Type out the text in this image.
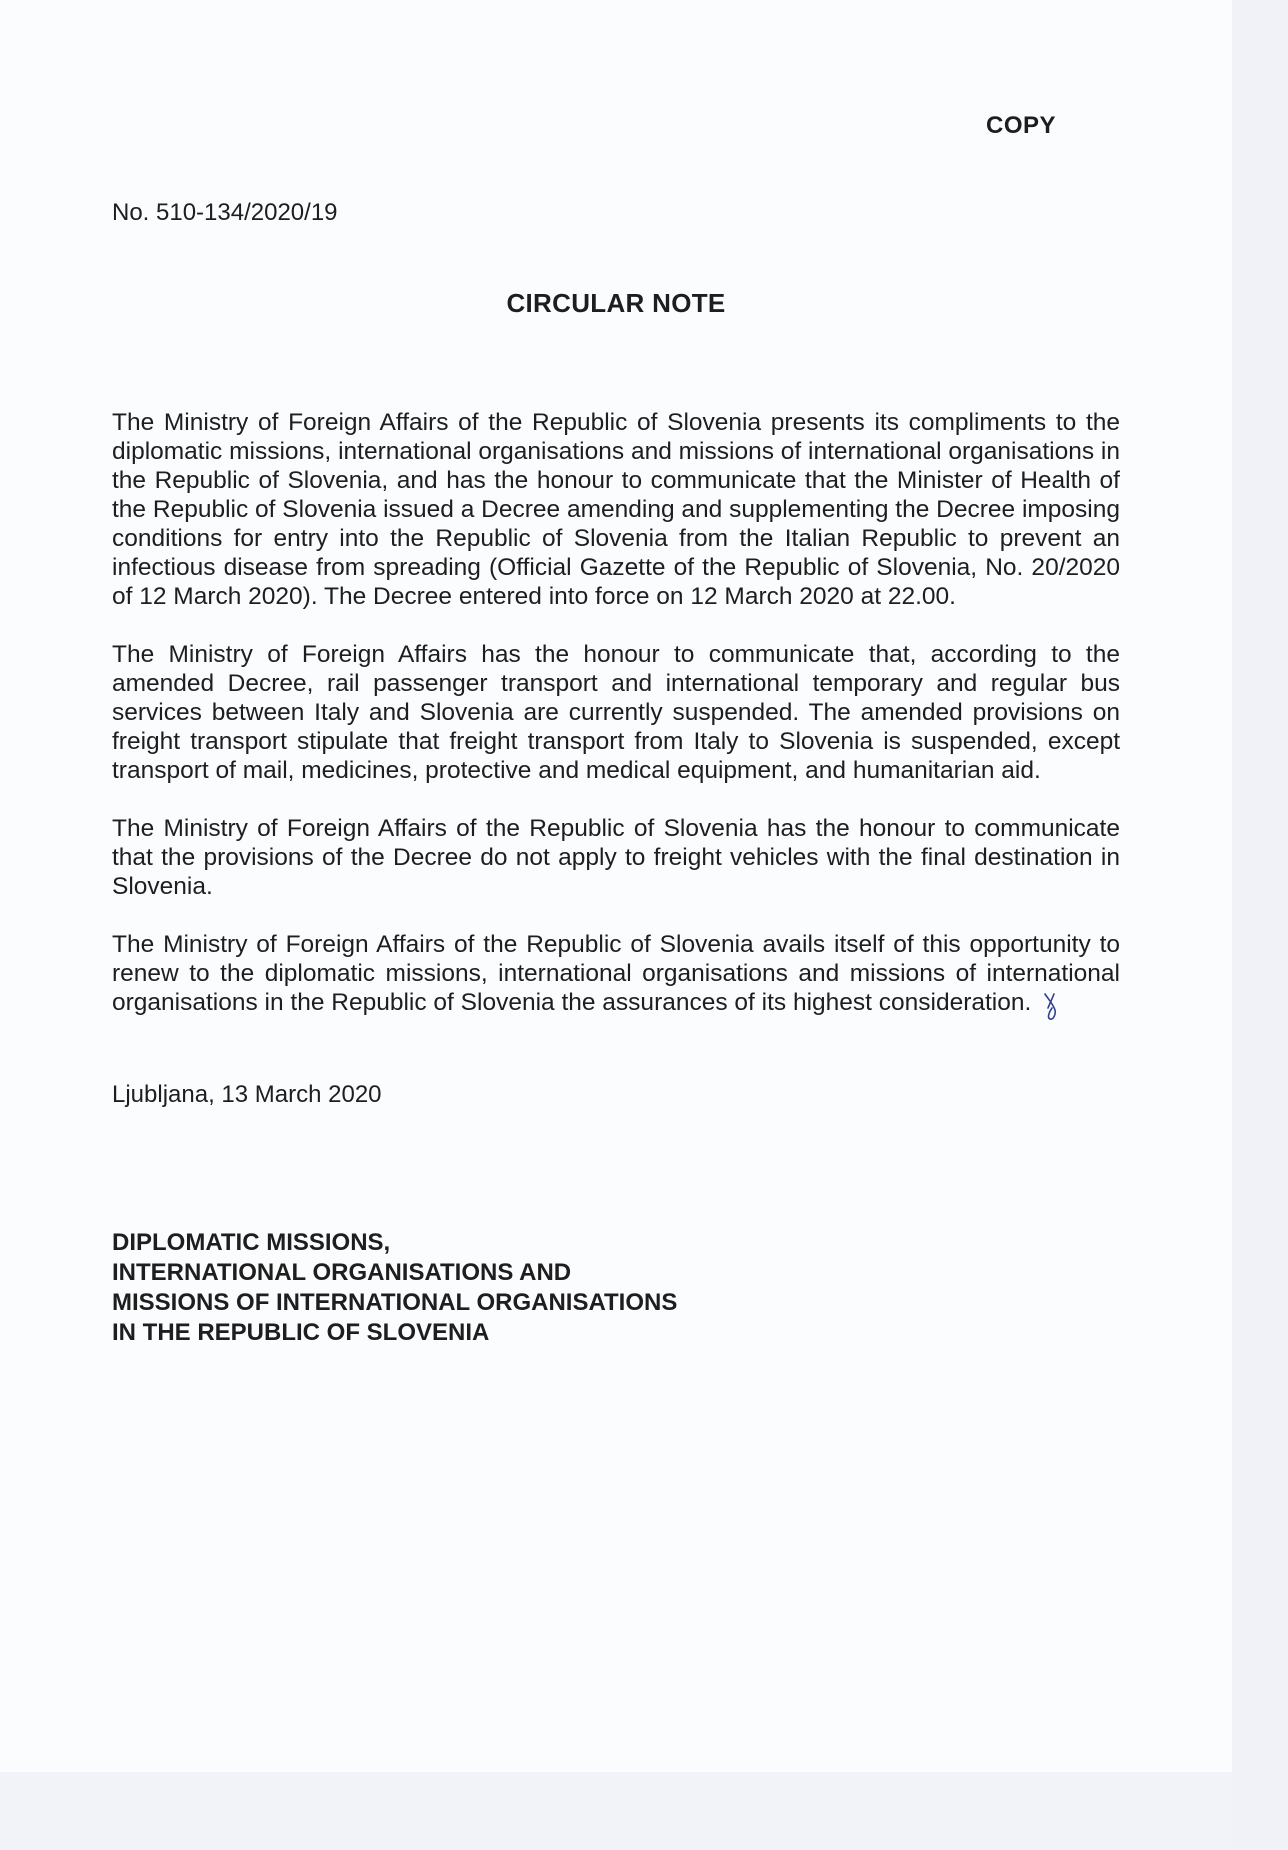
COPY
No. 510-134/2020/19
CIRCULAR NOTE

The Ministry of Foreign Affairs of the Republic of Slovenia presents its compliments to the diplomatic missions, international organisations and missions of international organisations in the Republic of Slovenia, and has the honour to communicate that the Minister of Health of the Republic of Slovenia issued a Decree amending and supplementing the Decree imposing conditions for entry into the Republic of Slovenia from the Italian Republic to prevent an infectious disease from spreading (Official Gazette of the Republic of Slovenia, No. 20/2020 of 12 March 2020). The Decree entered into force on 12 March 2020 at 22.00.

The Ministry of Foreign Affairs has the honour to communicate that, according to the amended Decree, rail passenger transport and international temporary and regular bus services between Italy and Slovenia are currently suspended. The amended provisions on freight transport stipulate that freight transport from Italy to Slovenia is suspended, except transport of mail, medicines, protective and medical equipment, and humanitarian aid.

The Ministry of Foreign Affairs of the Republic of Slovenia has the honour to communicate that the provisions of the Decree do not apply to freight vehicles with the final destination in Slovenia.

The Ministry of Foreign Affairs of the Republic of Slovenia avails itself of this opportunity to renew to the diplomatic missions, international organisations and missions of international organisations in the Republic of Slovenia the assurances of its highest consideration.

Ljubljana, 13 March 2020
DIPLOMATIC MISSIONS,
INTERNATIONAL ORGANISATIONS AND
MISSIONS OF INTERNATIONAL ORGANISATIONS
IN THE REPUBLIC OF SLOVENIA
